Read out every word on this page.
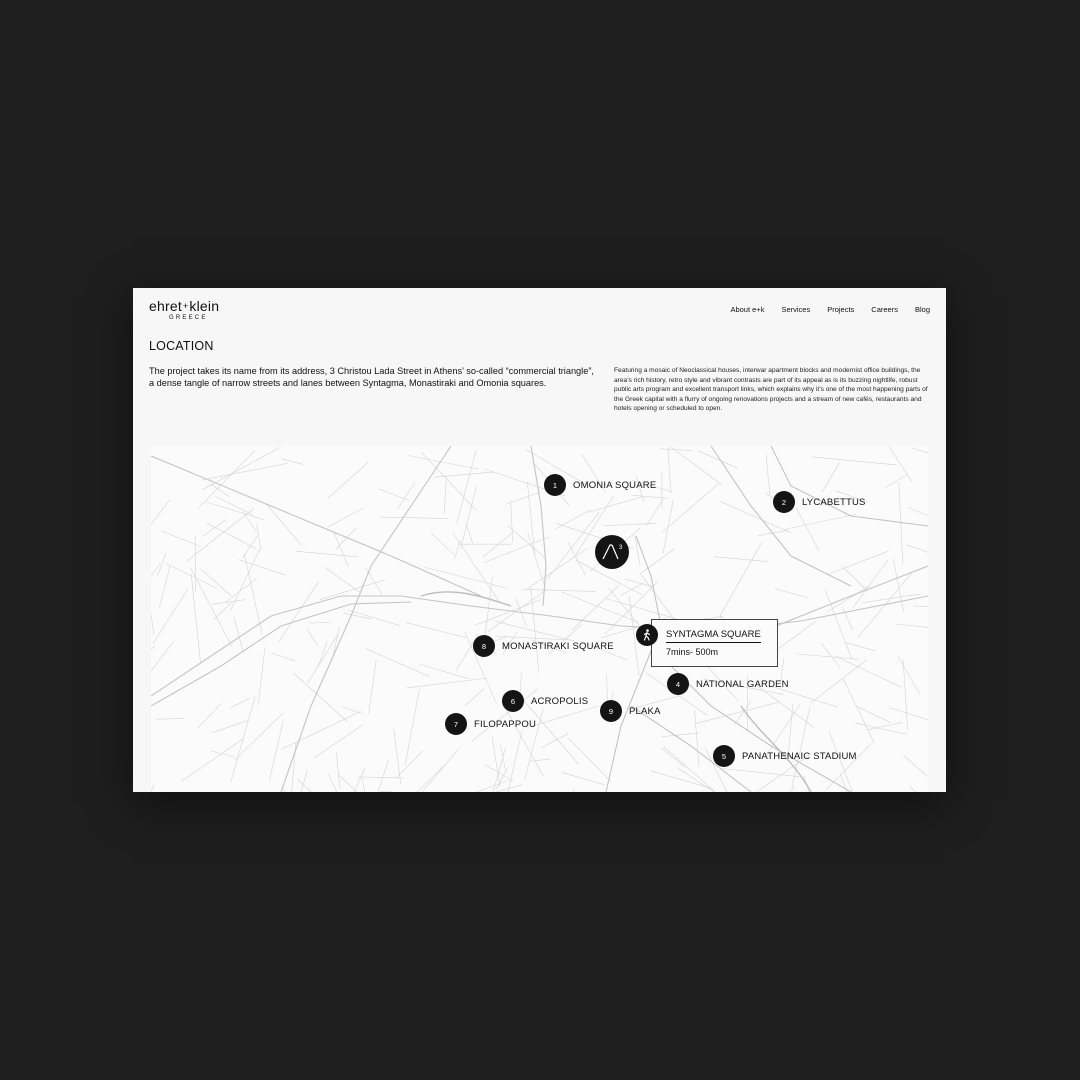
ehret+klein
GREECE
About e+k Services Projects Careers Blog
LOCATION

The project takes its name from its address, 3 Christou Lada Street in Athens’ so-called “commercial triangle”, a dense tangle of narrow streets and lanes between Syntagma, Monastiraki and Omonia squares.

Featuring a mosaic of Neoclassical houses, interwar apartment blocks and modernist office buildings, the area’s rich history, retro style and vibrant contrasts are part of its appeal as is its buzzing nightlife, robust public arts program and excellent transport links, which explains why it’s one of the most happening parts of the Greek capital with a flurry of ongoing renovations projects and a stream of new cafés, restaurants and hotels opening or scheduled to open.

3
1	OMONIA SQUARE
2	LYCABETTUS
8	MONASTIRAKI SQUARE
4	NATIONAL GARDEN
6	ACROPOLIS
9	PLAKA
7	FILOPAPPOU
5	PANATHENAIC STADIUM
SYNTAGMA SQUARE
7mins- 500m
